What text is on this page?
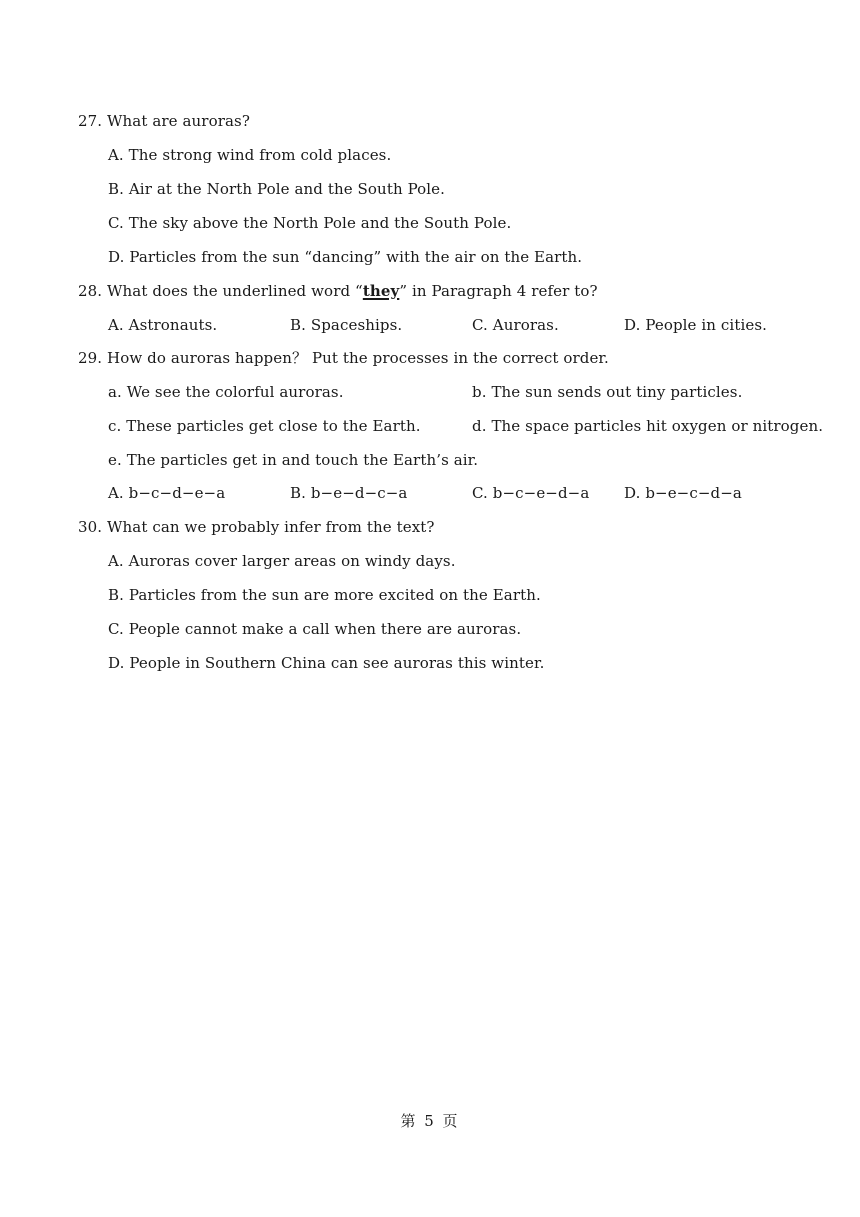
27. What are auroras?
A. The strong wind from cold places.
B. Air at the North Pole and the South Pole.
C. The sky above the North Pole and the South Pole.
D. Particles from the sun “dancing” with the air on the Earth.
28. What does the underlined word “they” in Paragraph 4 refer to?
A. Astronauts.	B. Spaceships.	C. Auroras.	D. People in cities.
29. How do auroras happen？ Put the processes in the correct order.
a. We see the colorful auroras.	b. The sun sends out tiny particles.
c. These particles get close to the Earth.	d. The space particles hit oxygen or nitrogen.
e. The particles get in and touch the Earth’s air.
A. b−c−d−e−a	B. b−e−d−c−a	C. b−c−e−d−a D. b−e−c−d−a
30. What can we probably infer from the text?
A. Auroras cover larger areas on windy days.
B. Particles from the sun are more excited on the Earth.
C. People cannot make a call when there are auroras.
D. People in Southern China can see auroras this winter.
第 5 页
